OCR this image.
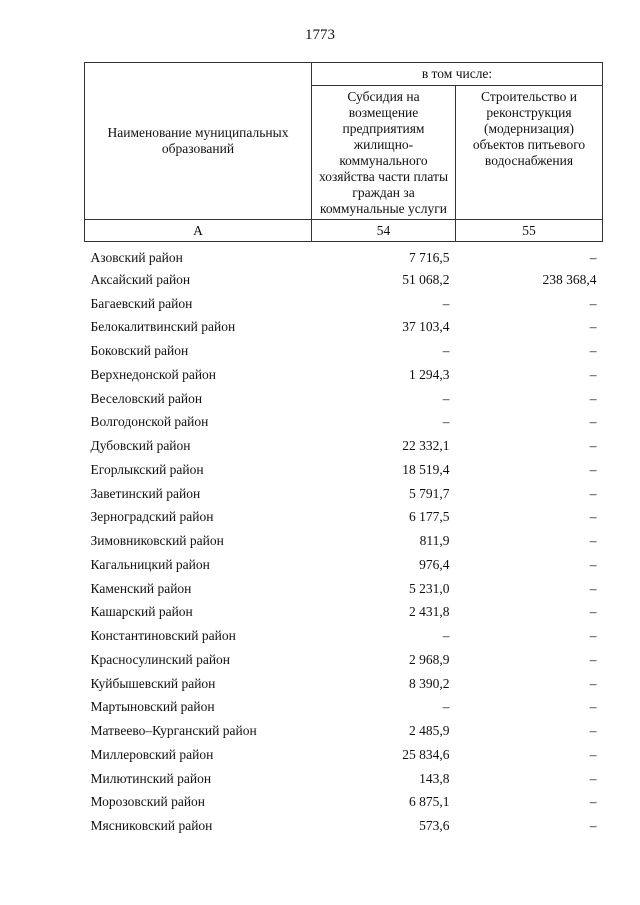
1773
Наименование муниципальных образований	в том числе:	
	Субсидия на возмещение предприятиям жилищно-коммунального хозяйства части платы граждан за коммунальные услуги	Строительство и реконструкция (модернизация) объектов питьевого водоснабжения
А	54	55
Азовский район	7 716,5	–
Аксайский район	51 068,2	238 368,4
Багаевский район	–	–
Белокалитвинский район	37 103,4	–
Боковский район	–	–
Верхнедонской район	1 294,3	–
Веселовский район	–	–
Волгодонской район	–	–
Дубовский район	22 332,1	–
Егорлыкский район	18 519,4	–
Заветинский район	5 791,7	–
Зерноградский район	6 177,5	–
Зимовниковский район	811,9	–
Кагальницкий район	976,4	–
Каменский район	5 231,0	–
Кашарский район	2 431,8	–
Константиновский район	–	–
Красносулинский район	2 968,9	–
Куйбышевский район	8 390,2	–
Мартыновский район	–	–
Матвеево–Курганский район	2 485,9	–
Миллеровский район	25 834,6	–
Милютинский район	143,8	–
Морозовский район	6 875,1	–
Мясниковский район	573,6	–
